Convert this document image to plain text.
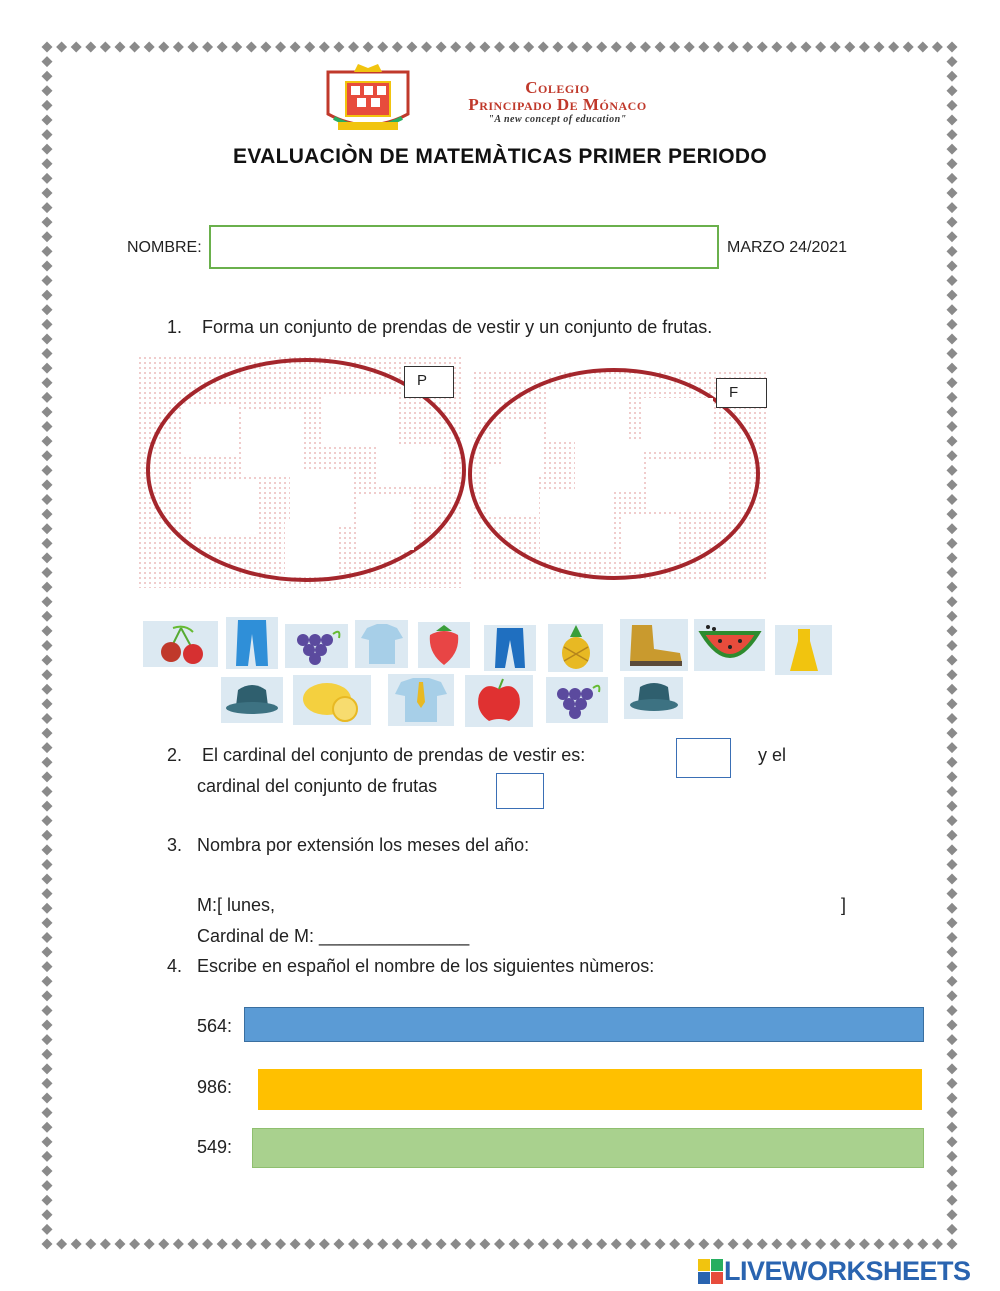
Colegio
Principado De Mónaco
"A new concept of education"
EVALUACIÒN DE MATEMÀTICAS PRIMER PERIODO
NOMBRE:	MARZO 24/2021
1. Forma un conjunto de prendas de vestir y un conjunto de frutas.
P
F
2. El cardinal del conjunto de prendas de vestir es:	y el
cardinal del conjunto de frutas
3. Nombra por extensión los meses del año:
M:[ lunes,	]
Cardinal de M: _______________
4. Escribe en español el nombre de los siguientes nùmeros:
564:
986:
549:
LIVEWORKSHEETS
